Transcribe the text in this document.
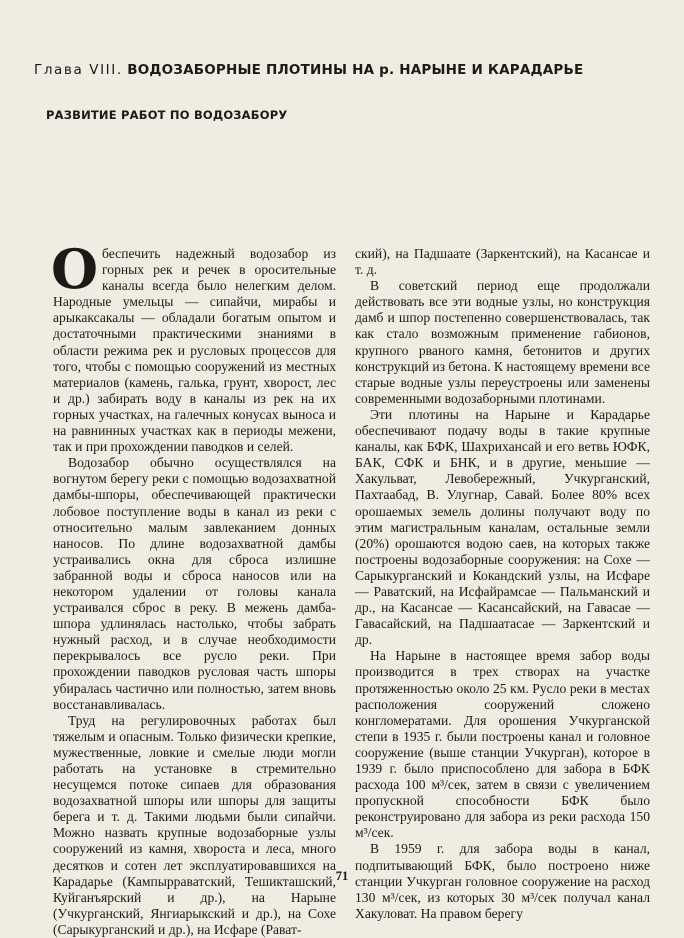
Глава VIII. ВОДОЗАБОРНЫЕ ПЛОТИНЫ НА р. НАРЫНЕ И КАРАДАРЬЕ
РАЗВИТИЕ РАБОТ ПО ВОДОЗАБОРУ

Обеспечить надежный водозабор из горных рек и речек в оросительные каналы всегда было нелегким делом. Народные умельцы — сипайчи, мирабы и арыкаксакалы — обладали богатым опытом и достаточными практическими знаниями в области режима рек и русловых процессов для того, чтобы с помощью сооружений из местных материалов (камень, галька, грунт, хворост, лес и др.) забирать воду в каналы из рек на их горных участках, на галечных конусах выноса и на равнинных участках как в периоды межени, так и при прохождении паводков и селей.

Водозабор обычно осуществлялся на вогнутом берегу реки с помощью водозахватной дамбы-шпоры, обеспечивающей практически лобовое поступление воды в канал из реки с относительно малым завлеканием донных наносов. По длине водозахватной дамбы устраивались окна для сброса излишне забранной воды и сброса наносов или на некотором удалении от головы канала устраивался сброс в реку. В межень дамба-шпора удлинялась настолько, чтобы забрать нужный расход, и в случае необходимости перекрывалось все русло реки. При прохождении паводков русловая часть шпоры убиралась частично или полностью, затем вновь восстанавливалась.

Труд на регулировочных работах был тяжелым и опасным. Только физически крепкие, мужественные, ловкие и смелые люди могли работать на установке в стремительно несущемся потоке сипаев для образования водозахватной шпоры или шпоры для защиты берега и т. д. Такими людьми были сипайчи. Можно назвать крупные водозаборные узлы сооружений из камня, хвороста и леса, много десятков и сотен лет эксплуатировавшихся на Карадарье (Кампырраватский, Тешикташский, Куйганъярский и др.), на Нарыне (Учкурганский, Янгиарыкский и др.), на Сохе (Сарыкурганский и др.), на Исфаре (Рават-

ский), на Падшаате (Заркентский), на Касансае и т. д.

В советский период еще продолжали действовать все эти водные узлы, но конструкция дамб и шпор постепенно совершенствовалась, так как стало возможным применение габионов, крупного рваного камня, бетонитов и других конструкций из бетона. К настоящему времени все старые водные узлы переустроены или заменены современными водозаборными плотинами.

Эти плотины на Нарыне и Карадарье обеспечивают подачу воды в такие крупные каналы, как БФК, Шахрихансай и его ветвь ЮФК, БАК, СФК и БНК, и в другие, меньшие — Хакульват, Левобережный, Учкурганский, Пахтаабад, В. Улугнар, Савай. Более 80% всех орошаемых земель долины получают воду по этим магистральным каналам, остальные земли (20%) орошаются водою саев, на которых также построены водозаборные сооружения: на Сохе — Сарыкурганский и Кокандский узлы, на Исфаре — Раватский, на Исфайрамсае — Пальманский и др., на Касансае — Касансайский, на Гавасае — Гавасайский, на Падшаатасае — Заркентский и др.

На Нарыне в настоящее время забор воды производится в трех створах на участке протяженностью около 25 км. Русло реки в местах расположения сооружений сложено конгломератами. Для орошения Учкурганской степи в 1935 г. были построены канал и головное сооружение (выше станции Учкурган), которое в 1939 г. было приспособлено для забора в БФК расхода 100 м³/сек, затем в связи с увеличением пропускной способности БФК было реконструировано для забора из реки расхода 150 м³/сек.

В 1959 г. для забора воды в канал, подпитывающий БФК, было построено ниже станции Учкурган головное сооружение на расход 130 м³/сек, из которых 30 м³/сек получал канал Хакуловат. На правом берегу

71
